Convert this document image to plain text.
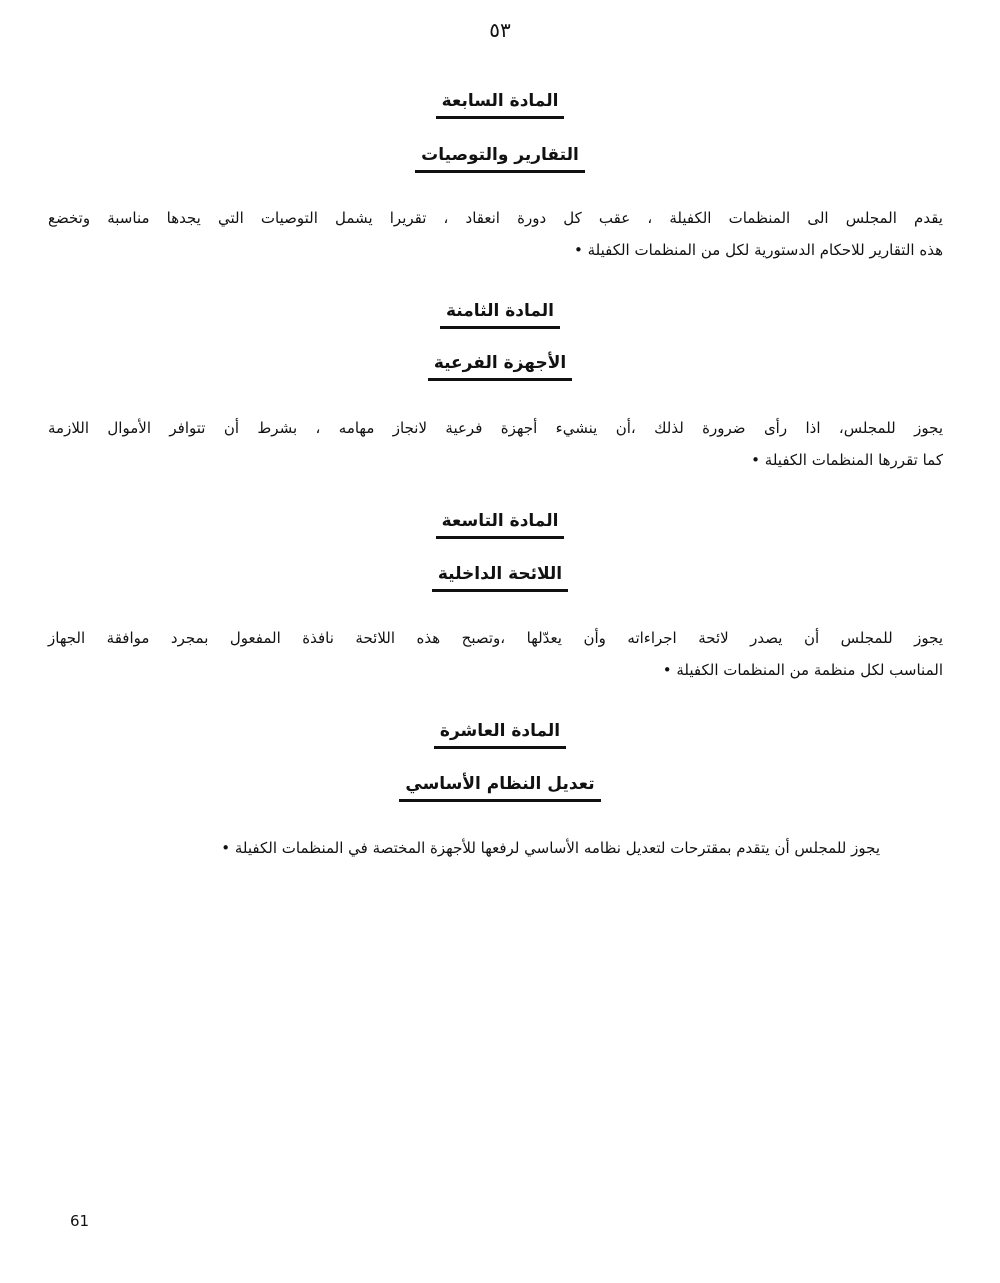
٥٣
المادة السابعة
التقارير والتوصيات
يقدم المجلس الى المنظمات الكفيلة ، عقب كل دورة انعقاد ، تقريرا يشمل التوصيات التي يجدها مناسبة وتخضع
هذه التقارير للاحكام الدستورية لكل من المنظمات الكفيلة •
المادة الثامنة
الأجهزة الفرعية
يجوز للمجلس، اذا رأى ضرورة لذلك ،أن ينشيء أجهزة فرعية لانجاز مهامه ، بشرط أن تتوافر الأموال اللازمة
كما تقررها المنظمات الكفيلة •
المادة التاسعة
اللائحة الداخلية
يجوز للمجلس أن يصدر لائحة اجراءاته وأن يعدّلها ،وتصبح هذه اللائحة نافذة المفعول بمجرد موافقة الجهاز
المناسب لكل منظمة من المنظمات الكفيلة •
المادة العاشرة
تعديل النظام الأساسي
يجوز للمجلس أن يتقدم بمقترحات لتعديل نظامه الأساسي لرفعها للأجهزة المختصة في المنظمات الكفيلة •
61
